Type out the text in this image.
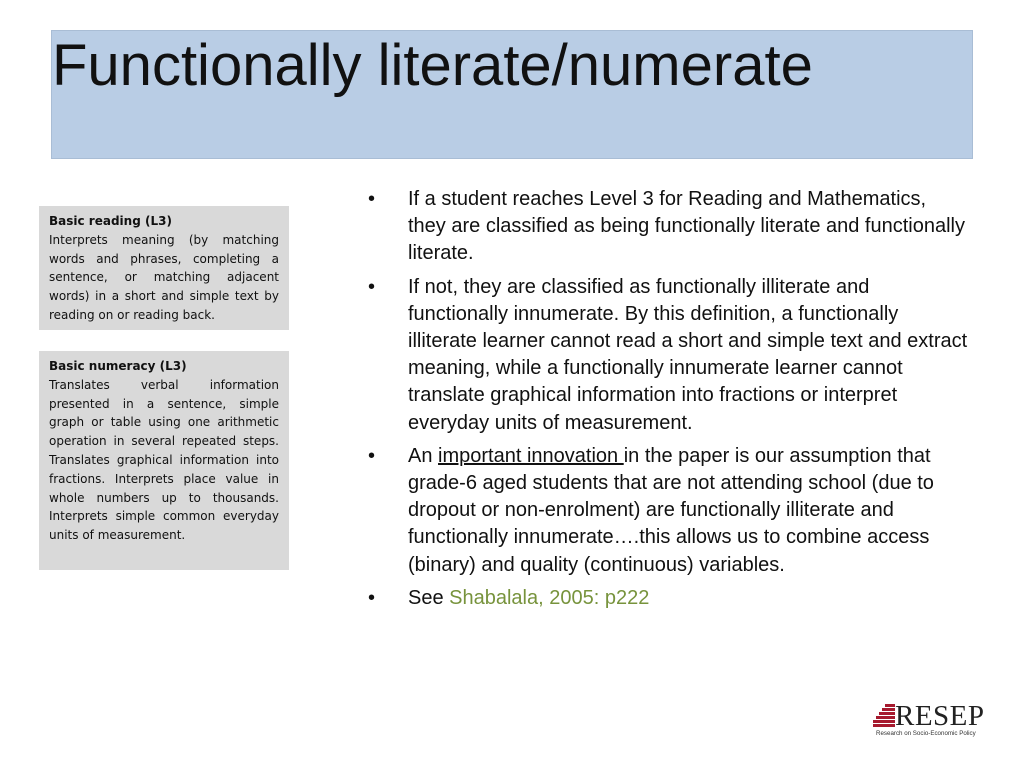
Functionally literate/numerate
Basic reading (L3)
Interprets meaning (by matching words and phrases, completing a sentence, or matching adjacent words) in a short and simple text by reading on or reading back.
Basic numeracy (L3)
Translates verbal information presented in a sentence, simple graph or table using one arithmetic operation in several repeated steps. Translates graphical information into fractions. Interprets place value in whole numbers up to thousands. Interprets simple common everyday units of measurement.
• If a student reaches Level 3 for Reading and Mathematics, they are classified as being functionally literate and functionally literate.
• If not, they are classified as functionally illiterate and functionally innumerate. By this definition, a functionally illiterate learner cannot read a short and simple text and extract meaning, while a functionally innumerate learner cannot translate graphical information into fractions or interpret everyday units of measurement.
• An important innovation in the paper is our assumption that grade-6 aged students that are not attending school (due to dropout or non-enrolment) are functionally illiterate and functionally innumerate….this allows us to combine access (binary) and quality (continuous) variables.
• See Shabalala, 2005: p222
RESEP
Research on Socio-Economic Policy
